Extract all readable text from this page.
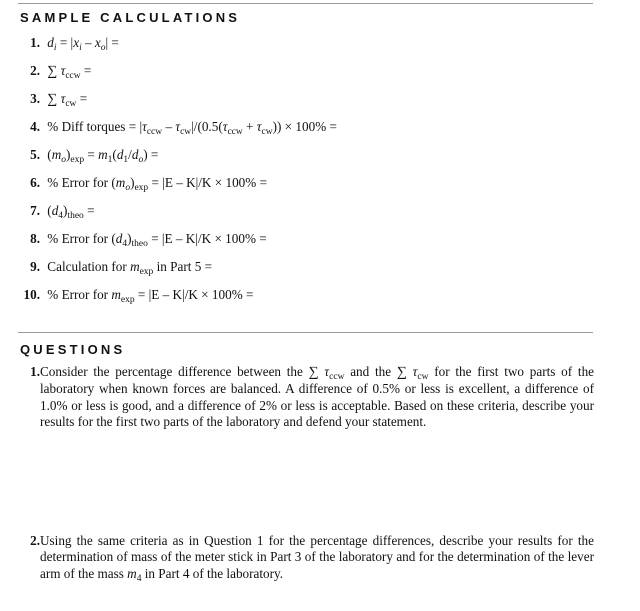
SAMPLE CALCULATIONS
1. $d_i = |x_i - x_o|$ =
2. ∑ $\tau_{ccw}$ =
3. ∑ $\tau_{cw}$ =
4. % Diff torques = $|\tau_{ccw} - \tau_{cw}|/(0.5(\tau_{ccw} + \tau_{cw})) \times 100\%$ =
5. $(m_o)_{exp} = m_1(d_1/d_o)$ =
6. % Error for $(m_o)_{exp} = |E - K|/K \times 100\%$ =
7. $(d_4)_{theo}$ =
8. % Error for $(d_4)_{theo} = |E - K|/K \times 100\%$ =
9. Calculation for $m_{exp}$ in Part 5 =
10. % Error for $m_{exp} = |E - K|/K \times 100\%$ =
QUESTIONS
1. Consider the percentage difference between the ∑ $\tau_{ccw}$ and the ∑ $\tau_{cw}$ for the first two parts of the laboratory when known forces are balanced. A difference of 0.5% or less is excellent, a difference of 1.0% or less is good, and a difference of 2% or less is acceptable. Based on these criteria, describe your results for the first two parts of the laboratory and defend your statement.
2. Using the same criteria as in Question 1 for the percentage differences, describe your results for the determination of mass of the meter stick in Part 3 of the laboratory and for the determination of the lever arm of the mass $m_4$ in Part 4 of the laboratory.
